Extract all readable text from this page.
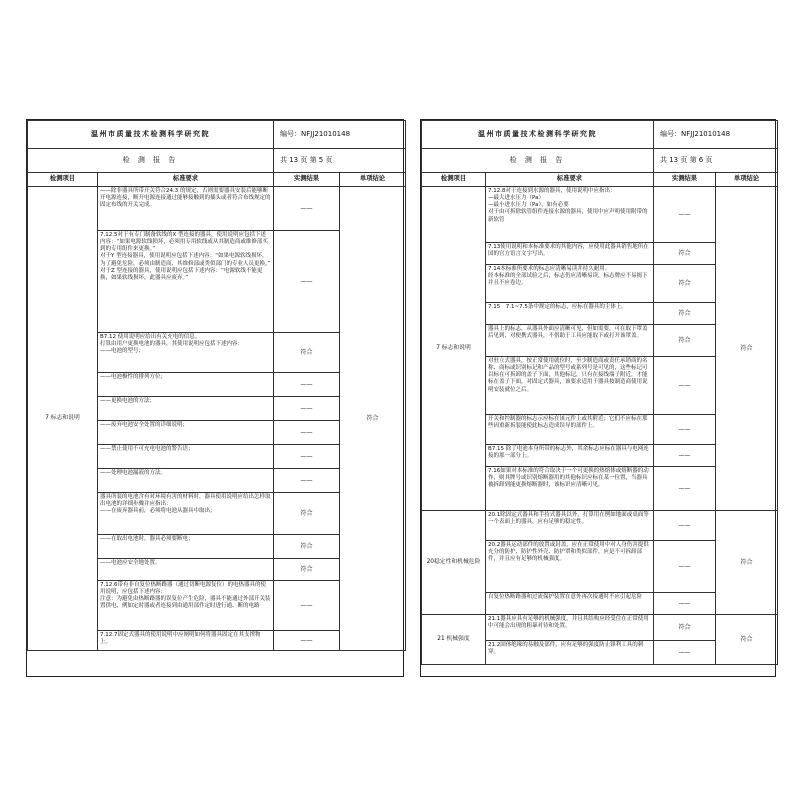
温州市质量技术检测科学研究院		编号：NFJJ21010148	
检 测 报 告		共 13 页 第 5 页	
检测项目	标准要求	实测结果	单项结论
7 标志和说明	——除非器具所带开关符合24.3 的规定，否则需要器具安装后能够断开电源连接，断开电源连接通过能够接触到的插头或者符合布线规定的固定布线的开关完成。	——	符合
	7.12.5对于有专门制备软线的X 型连接的器具，使用说明应包括下述内容：“如果电源软线损坏，必须用专用软线或从其制造商或维修部买到的专用组件来更换。”
对于Y 型连接器具，使用说明应包括下述内容：“如果电源软线损坏，为了避免危险，必须由制造商、其维修部或类似部门的专业人员更换。”
对于Z 型连接的器具，使用说明应包括下述内容：“电源软线不能更换，如果软线损坏，此器具应废弃。”	——	
	B7.12 使用说明应给出有关充电的信息。
打算由用户更换电池的器具，其使用说明应包括下述内容：
——电池的型号；	符合	
	——电池极性的排列方位；	——	
	——更换电池的方法；	——	
	——废弃电池安全处置的详细说明；	——	
	——禁止使用不可充电电池的警告语；	——	
	——处理电池漏液的方法。	——	
	器具所装的电池含有对环境有害的材料时，器具使用说明应给出怎样取出电池的详细步骤并应指出：
——在废弃器具前，必须将电池从器具中取出；	符合	
	——在取出电池时，器具必须要断电；	符合	
	——电池应安全地处置。	符合	
	7.12.6带有非自复位热断路器（通过切断电源复位）的电热器具的使用说明，应包括下述内容：
注意：为避免由热断路器的误复位产生危险，器具不能通过外部开关装置供电，例如定时器或者连接到由通用部件定时进行通、断的电路	——	
	7.12.7固定式器具的使用说明中应阐明如何将器具固定在其支撑物上。	——	

温州市质量技术检测科学研究院		编号：NFJJ21010148	
检 测 报 告		共 13 页 第 6 页	
检测项目	标准要求	实测结果	单项结论
7 标志和说明	7.12.8对于连接到水源的器具，使用说明中应指出：
—最大进水压力（Pa）
—最小进水压力（Pa），如有必要
对于由可拆除软管组件连接水源的器具，使用中应声明使用附带的新软管	——	符合
	7.13使用说明和本标准要求的其他内容，应使用此器具销售地所在国的官方语言文字写出。	符合	
	7.14本标准所要求的标志应清晰易读并持久耐用。
经本标准的全部试验之后，标志仍应清晰易读，标志牌应不易揭下并且不应卷边。	符合	
	7.15　7.1~7.5条中规定的标志，应标在器具的主体上。	符合	
	器具上的标志，从器具外面应清晰可见，但如需要，可在取下罩盖后见到，对便携式器具，不借助于工具应能取下或打开该罩盖。	符合	
	对驻立式器具，按正常使用就位时，至少制造商或责任承销商的名称、商标或识别标记和产品的型号或系列号是可见的，这些标记可以标在可拆卸的盖子下面，其他标记，只有在接线端子附近，才能标在盖子下面，对固定式器具，该要求适用于器具按制造商使用说明安装就位之后。	——	
	开关和控制器的标志示应标在该元件上或其附近；它们不应标在那些因重新拆装能使此标志造成误导的部件上。	——	
	B7.15 除了电池本身所带的标志外，其余标志应标在器具与电网连接的那一部分上。	——	
	7.16如果对本标准的符合取决于一个可更换的热熔体或熔断器的动作，则其牌号或识别熔断器用的其他标识应标在某一位置，当器具被拆卸到能更换熔断器时，该标识应清晰可见。	——	
20稳定性和机械危险	20.1除固定式器具和手持式器具以外，打算用在例如地面或桌面等一个表面上的器具，应有足够的稳定性。	——	符合
	20.2器具运动部件的放置或封盖，应在正常使用中对人身伤害提供充分的防护，防护性外壳、防护罩和类似部件，应是不可拆卸部件，并且应有足够的机械强度。	——	
	自复位热断路器和过流保护装置在意外再次接通时不应引起危险	——	
21 机械强度	21.1器具应具有足够的机械强度，并且其结构应经受住在正常使用中可能会出现的粗暴对待和处置。	符合	符合
	21.2固体绝缘的易触及部件，应有足够的强度防止锋利工具的刺穿。	——	
